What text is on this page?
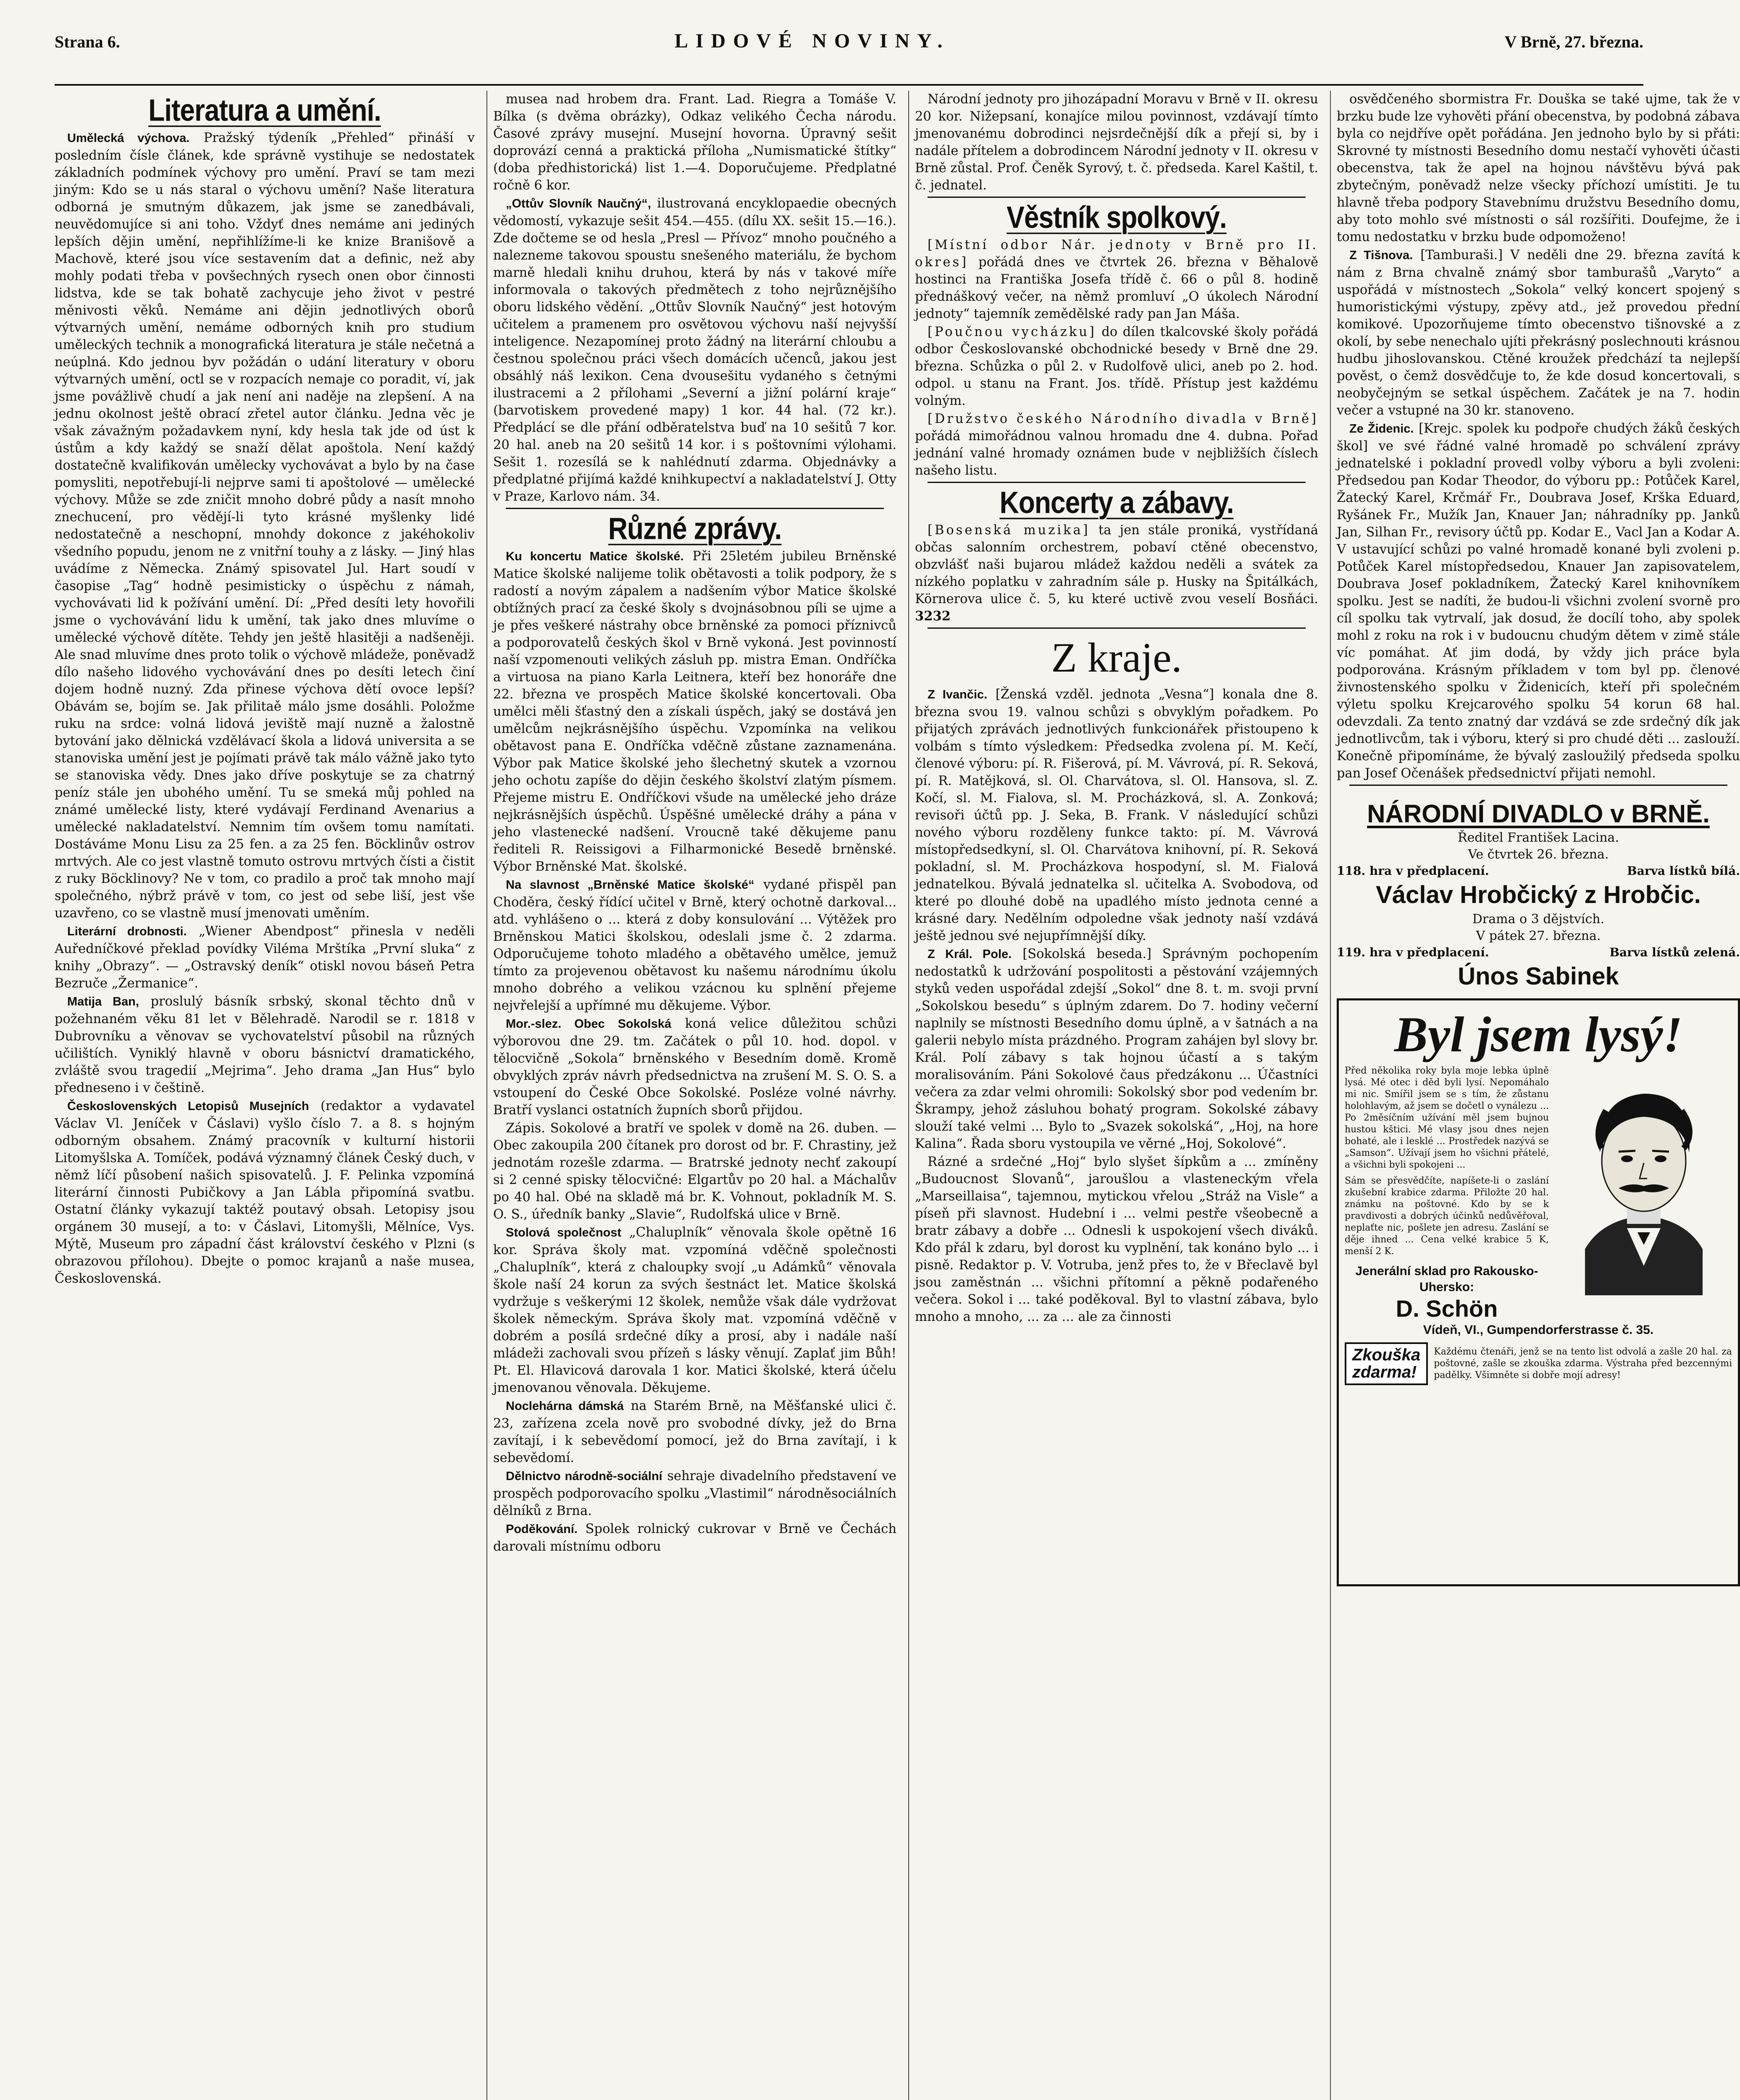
Strana 6.	LIDOVÉ NOVINY.	V Brně, 27. března.
Literatura a umění.

Umělecká výchova. Pražský týdeník „Přehled“ přináší v posledním čísle článek, kde správně vystihuje se nedostatek základních podmínek výchovy pro umění. Praví se tam mezi jiným: Kdo se u nás staral o výchovu umění? Naše literatura odborná je smutným důkazem, jak jsme se zanedbávali, neuvědomujíce si ani toho. Vždyť dnes nemáme ani jediných lepších dějin umění, nepřihlížíme-li ke knize Branišově a Machově, které jsou více sestavením dat a definic, než aby mohly podati třeba v povšechných rysech onen obor činnosti lidstva, kde se tak bohatě zachycuje jeho život v pestré měnivosti věků. Nemáme ani dějin jednotlivých oborů výtvarných umění, nemáme odborných knih pro studium uměleckých technik a monografická literatura je stále nečetná a neúplná. Kdo jednou byv požádán o udání literatury v oboru výtvarných umění, octl se v rozpacích nemaje co poradit, ví, jak jsme povážlivě chudí a jak není ani naděje na zlepšení. A na jednu okolnost ještě obrací zřetel autor článku. Jedna věc je však závažným požadavkem nyní, kdy hesla tak jde od úst k ústům a kdy každý se snaží dělat apoštola. Není každý dostatečně kvalifikován umělecky vychovávat a bylo by na čase pomysliti, nepotřebují-li nejprve sami ti apoštolové — umělecké výchovy. Může se zde zničit mnoho dobré půdy a nasít mnoho znechucení, pro vědějí-li tyto krásné myšlenky lidé nedostatečně a neschopní, mnohdy dokonce z jakéhokoliv všedního popudu, jenom ne z vnitřní touhy a z lásky. — Jiný hlas uvádíme z Německa. Známý spisovatel Jul. Hart soudí v časopise „Tag“ hodně pesimisticky o úspěchu z námah, vychovávati lid k požívání umění. Dí: „Před desíti lety hovořili jsme o vychovávání lidu k umění, tak jako dnes mluvíme o umělecké výchově dítěte. Tehdy jen ještě hlasitěji a nadšeněji. Ale snad mluvíme dnes proto tolik o výchově mládeže, poněvadž dílo našeho lidového vychovávání dnes po desíti letech činí dojem hodně nuzný. Zda přinese výchova dětí ovoce lepší? Obávám se, bojím se. Jak přilitaě málo jsme dosáhli. Položme ruku na srdce: volná lidová jeviště mají nuzně a žalostně bytování jako dělnická vzdělávací škola a lidová universita a se stanoviska umění jest je pojímati právě tak málo vážně jako tyto se stanoviska vědy. Dnes jako dříve poskytuje se za chatrný peníz stále jen ubohého umění. Tu se smeká můj pohled na známé umělecké listy, které vydávají Ferdinand Avenarius a umělecké nakladatelství. Nemnim tím ovšem tomu namítati. Dostáváme Monu Lisu za 25 fen. a za 25 fen. Böcklinův ostrov mrtvých. Ale co jest vlastně tomuto ostrovu mrtvých čísti a čistit z ruky Böcklinovy? Ne v tom, co pradilo a proč tak mnoho mají společného, nýbrž právě v tom, co jest od sebe liší, jest vše uzavřeno, co se vlastně musí jmenovati uměním.

Literární drobnosti. „Wiener Abendpost“ přinesla v neděli Auředníčkové překlad povídky Viléma Mrštíka „První sluka“ z knihy „Obrazy“. — „Ostravský deník“ otiskl novou báseň Petra Bezruče „Žermanice“.

Matija Ban, proslulý básník srbský, skonal těchto dnů v požehnaném věku 81 let v Bělehradě. Narodil se r. 1818 v Dubrovníku a věnovav se vychovatelství působil na různých učilištích. Vyniklý hlavně v oboru básnictví dramatického, zvláště svou tragedií „Mejrima“. Jeho drama „Jan Hus“ bylo předneseno i v češtině.

Československých Letopisů Musejních (redaktor a vydavatel Václav Vl. Jeníček v Čáslavi) vyšlo číslo 7. a 8. s hojným odborným obsahem. Známý pracovník v kulturní historii Litomyšlska A. Tomíček, podává významný článek Český duch, v němž líčí působení našich spisovatelů. J. F. Pelinka vzpomíná literární činnosti Pubičkovy a Jan Lábla připomíná svatbu. Ostatní články vykazují taktéž poutavý obsah. Letopisy jsou orgánem 30 musejí, a to: v Čáslavi, Litomyšli, Mělníce, Vys. Mýtě, Museum pro západní část království českého v Plzni (s obrazovou přílohou). Dbejte o pomoc krajanů a naše musea, Československá.

musea nad hrobem dra. Frant. Lad. Riegra a Tomáše V. Bílka (s dvěma obrázky), Odkaz velikého Čecha národu. Časové zprávy musejní. Musejní hovorna. Úpravný sešit doprovází cenná a praktická příloha „Numismatické štítky“ (doba předhistorická) list 1.—4. Doporučujeme. Předplatné ročně 6 kor.

„Ottův Slovník Naučný“, ilustrovaná encyklopaedie obecných vědomostí, vykazuje sešit 454.—455. (dílu XX. sešit 15.—16.). Zde dočteme se od hesla „Presl — Přívoz“ mnoho poučného a nalezneme takovou spoustu snešeného materiálu, že bychom marně hledali knihu druhou, která by nás v takové míře informovala o takových předmětech z toho nejrůznějšího oboru lidského vědění. „Ottův Slovník Naučný“ jest hotovým učitelem a pramenem pro osvětovou výchovu naší nejvyšší inteligence. Nezapomínej proto žádný na literární chloubu a čestnou společnou práci všech domácích učenců, jakou jest obsáhlý náš lexikon. Cena dvousešitu vydaného s četnými ilustracemi a 2 přílohami „Severní a jižní polární kraje“ (barvotiskem provedené mapy) 1 kor. 44 hal. (72 kr.). Předplácí se dle přání odběratelstva buď na 10 sešitů 7 kor. 20 hal. aneb na 20 sešitů 14 kor. i s poštovními výlohami. Sešit 1. rozesílá se k nahlédnutí zdarma. Objednávky a předplatné přijímá každé knihkupectví a nakladatelství J. Otty v Praze, Karlovo nám. 34.

Různé zprávy.

Ku koncertu Matice školské. Při 25letém jubileu Brněnské Matice školské nalijeme tolik obětavosti a tolik podpory, že s radostí a novým zápalem a nadšením výbor Matice školské obtížných prací za české školy s dvojnásobnou píli se ujme a je přes veškeré nástrahy obce brněnské za pomoci příznivců a podporovatelů českých škol v Brně vykoná. Jest povinností naší vzpomenouti velikých zásluh pp. mistra Eman. Ondříčka a virtuosa na piano Karla Leitnera, kteří bez honoráře dne 22. března ve prospěch Matice školské koncertovali. Oba umělci měli šťastný den a získali úspěch, jaký se dostává jen umělcům nejkrásnějšího úspěchu. Vzpomínka na velikou obětavost pana E. Ondříčka vděčně zůstane zaznamenána. Výbor pak Matice školské jeho šlechetný skutek a vzornou jeho ochotu zapíše do dějin českého školství zlatým písmem. Přejeme mistru E. Ondříčkovi všude na umělecké jeho dráze nejkrásnějších úspěchů. Úspěšné umělecké dráhy a pána v jeho vlastenecké nadšení. Vroucně také děkujeme panu řediteli R. Reissigovi a Filharmonické Besedě brněnské. Výbor Brněnské Mat. školské.

Na slavnost „Brněnské Matice školské“ vydané přispěl pan Choděra, český řídící učitel v Brně, který ochotně darkoval... atd. vyhlášeno o ... která z doby konsulování ... Výtěžek pro Brněnskou Matici školskou, odeslali jsme č. 2 zdarma. Odporučujeme tohoto mladého a obětavého umělce, jemuž tímto za projevenou obětavost ku našemu národnímu úkolu mnoho dobrého a velikou vzácnou ku splnění přejeme nejvřelejší a upřímné mu děkujeme. Výbor.

Mor.-slez. Obec Sokolská koná velice důležitou schůzi výborovou dne 29. tm. Začátek o půl 10. hod. dopol. v tělocvičně „Sokola“ brněnského v Besedním domě. Kromě obvyklých zpráv návrh předsednictva na zrušení M. S. O. S. a vstoupení do České Obce Sokolské. Posléze volné návrhy. Bratří vyslanci ostatních župních sborů přijdou.

Zápis. Sokolové a bratří ve spolek v domě na 26. duben. — Obec zakoupila 200 čítanek pro dorost od br. F. Chrastiny, jež jednotám rozešle zdarma. — Bratrské jednoty nechť zakoupí si 2 cenné spisky tělocvičné: Elgartův po 20 hal. a Máchalův po 40 hal. Obé na skladě má br. K. Vohnout, pokladník M. S. O. S., úředník banky „Slavie“, Rudolfská ulice v Brně.

Stolová společnost „Chaluplník“ věnovala škole opětně 16 kor. Správa školy mat. vzpomíná vděčně společnosti „Chaluplník“, která z chaloupky svojí „u Adámků“ věnovala škole naší 24 korun za svých šestnáct let. Matice školská vydržuje s veškerými 12 školek, nemůže však dále vydržovat školek německým. Správa školy mat. vzpomíná vděčně v dobrém a posílá srdečné díky a prosí, aby i nadále naší mládeži zachovali svou přízeň s lásky věnují. Zaplať jim Bůh! Pt. El. Hlavicová darovala 1 kor. Matici školské, která účelu jmenovanou věnovala. Děkujeme.

Noclehárna dámská na Starém Brně, na Měšťanské ulici č. 23, zařízena zcela nově pro svobodné dívky, jež do Brna zavítají, i k sebevědomí pomocí, jež do Brna zavítají, i k sebevědomí.

Dělnictvo národně-sociální sehraje divadelního představení ve prospěch podporovacího spolku „Vlastimil“ národněsociálních dělníků z Brna.

Poděkování. Spolek rolnický cukrovar v Brně ve Čechách darovali místnímu odboru

Národní jednoty pro jihozápadní Moravu v Brně v II. okresu 20 kor. Nižepsaní, konajíce milou povinnost, vzdávají tímto jmenovanému dobrodinci nejsrdečnější dík a přejí si, by i nadále přítelem a dobrodincem Národní jednoty v II. okresu v Brně zůstal. Prof. Čeněk Syrový, t. č. předseda. Karel Kaštil, t. č. jednatel.

Věstník spolkový.

[Místní odbor Nár. jednoty v Brně pro II. okres] pořádá dnes ve čtvrtek 26. března v Běhalově hostinci na Františka Josefa třídě č. 66 o půl 8. hodině přednáškový večer, na němž promluví „O úkolech Národní jednoty“ tajemník zemědělské rady pan Jan Máša.

[Poučnou vycházku] do dílen tkalcovské školy pořádá odbor Českoslovanské obchodnické besedy v Brně dne 29. března. Schůzka o půl 2. v Rudolfově ulici, aneb po 2. hod. odpol. u stanu na Frant. Jos. třídě. Přístup jest každému volným.

[Družstvo českého Národního divadla v Brně] pořádá mimořádnou valnou hromadu dne 4. dubna. Pořad jednání valné hromady oznámen bude v nejbližších číslech našeho listu.

Koncerty a zábavy.

[Bosenská muzika] ta jen stále proniká, vystřídaná občas salonním orchestrem, pobaví ctěné obecenstvo, obzvlášť naši bujarou mládež každou neděli a svátek za nízkého poplatku v zahradním sále p. Husky na Špitálkách, Körnerova ulice č. 5, ku které uctivě zvou veselí Bosňáci. 3232

Z kraje.

Z Ivančic. [Ženská vzděl. jednota „Vesna“] konala dne 8. března svou 19. valnou schůzi s obvyklým pořadkem. Po přijatých zprávách jednotlivých funkcionářek přistoupeno k volbám s tímto výsledkem: Předsedka zvolena pí. M. Kečí, členové výboru: pí. R. Fišerová, pí. M. Vávrová, pí. R. Seková, pí. R. Matějková, sl. Ol. Charvátova, sl. Ol. Hansova, sl. Z. Kočí, sl. M. Fialova, sl. M. Procházková, sl. A. Zonková; revisoři účtů pp. J. Seka, B. Frank. V následující schůzi nového výboru rozděleny funkce takto: pí. M. Vávrová místopředsedkyní, sl. Ol. Charvátova knihovní, pí. R. Seková pokladní, sl. M. Procházkova hospodyní, sl. M. Fialová jednatelkou. Bývalá jednatelka sl. učitelka A. Svobodova, od které po dlouhé době na upadlého místo jednota cenné a krásné dary. Nedělním odpoledne však jednoty naší vzdává ještě jednou své nejupřímnější díky.

Z Král. Pole. [Sokolská beseda.] Správným pochopením nedostatků k udržování pospolitosti a pěstování vzájemných styků veden uspořádal zdejší „Sokol“ dne 8. t. m. svoji první „Sokolskou besedu“ s úplným zdarem. Do 7. hodiny večerní naplnily se místnosti Besedního domu úplně, a v šatnách a na galerii nebylo místa prázdného. Program zahájen byl slovy br. Král. Polí zábavy s tak hojnou účastí a s takým moralisováním. Páni Sokolové čaus předzákonu ... Účastníci večera za zdar velmi ohromili: Sokolský sbor pod vedením br. Škrampy, jehož zásluhou bohatý program. Sokolské zábavy slouží také velmi ... Bylo to „Svazek sokolská“, „Hoj, na hore Kalina“. Řada sboru vystoupila ve věrné „Hoj, Sokolové“.

Rázné a srdečné „Hoj“ bylo slyšet šípkům a ... zmíněny „Budoucnost Slovanů“, jaroušlou a vlasteneckým vřela „Marseillaisa“, tajemnou, mytickou vřelou „Stráž na Visle“ a píseň při slavnost. Hudební i ... velmi pestře všeobecně a bratr zábavy a dobře ... Odnesli k uspokojení všech diváků. Kdo přál k zdaru, byl dorost ku vyplnění, tak konáno bylo ... i pisně. Redaktor p. V. Votruba, jenž přes to, že v Břeclavě byl jsou zaměstnán ... všichni přítomní a pěkně podařeného večera. Sokol i ... také poděkoval. Byl to vlastní zábava, bylo mnoho a mnoho, ... za ... ale za činnosti

osvědčeného sbormistra Fr. Douška se také ujme, tak že v brzku bude lze vyhověti přání obecenstva, by podobná zábava byla co nejdříve opět pořádána. Jen jednoho bylo by si přáti: Skrovné ty místnosti Besedního domu nestačí vyhověti účasti obecenstva, tak že apel na hojnou návštěvu bývá pak zbytečným, poněvadž nelze všecky příchozí umístiti. Je tu hlavně třeba podpory Stavebnímu družstvu Besedního domu, aby toto mohlo své místnosti o sál rozšířiti. Doufejme, že i tomu nedostatku v brzku bude odpomoženo!

Z Tišnova. [Tamburaši.] V neděli dne 29. března zavítá k nám z Brna chvalně známý sbor tamburašů „Varyto“ a uspořádá v místnostech „Sokola“ velký koncert spojený s humoristickými výstupy, zpěvy atd., jež provedou přední komikové. Upozorňujeme tímto obecenstvo tišnovské a z okolí, by sebe nenechalo ujíti překrásný poslechnouti krásnou hudbu jihoslovanskou. Ctěné kroužek předchází ta nejlepší pověst, o čemž dosvědčuje to, že kde dosud koncertovali, s neobyčejným se setkal úspěchem. Začátek je na 7. hodin večer a vstupné na 30 kr. stanoveno.

Ze Židenic. [Krejc. spolek ku podpoře chudých žáků českých škol] ve své řádné valné hromadě po schválení zprávy jednatelské i pokladní provedl volby výboru a byli zvoleni: Předsedou pan Kodar Theodor, do výboru pp.: Potůček Karel, Žatecký Karel, Krčmář Fr., Doubrava Josef, Krška Eduard, Ryšánek Fr., Mužík Jan, Knauer Jan; náhradníky pp. Janků Jan, Silhan Fr., revisory účtů pp. Kodar E., Vacl Jan a Kodar A. V ustavující schůzi po valné hromadě konané byli zvoleni p. Potůček Karel místopředsedou, Knauer Jan zapisovatelem, Doubrava Josef pokladníkem, Žatecký Karel knihovníkem spolku. Jest se nadíti, že budou-li všichni zvolení svorně pro cíl spolku tak vytrvalí, jak dosud, že docílí toho, aby spolek mohl z roku na rok i v budoucnu chudým dětem v zimě stále víc pomáhat. Ať jim dodá, by vždy jich práce byla podporována. Krásným příkladem v tom byl pp. členové živnostenského spolku v Židenicích, kteří při společném výletu spolku Krejcarového spolku 54 korun 68 hal. odevzdali. Za tento znatný dar vzdává se zde srdečný dík jak jednotlivcům, tak i výboru, který si pro chudé děti ... zaslouží. Konečně připomínáme, že bývalý zasloužilý předseda spolku pan Josef Očenášek předsednictví přijati nemohl.

NÁRODNÍ DIVADLO v BRNĚ.
Ředitel František Lacina.
Ve čtvrtek 26. března.
118. hra v předplacení.	Barva lístků bílá.
Václav Hrobčický z Hrobčic.
Drama o 3 dějstvích.
V pátek 27. března.
119. hra v předplacení.	Barva lístků zelená.
Únos Sabinek
Byl jsem lysý!
Před několika roky byla moje lebka úplně lysá. Mé otec i děd byli lysí. Nepomáhalo mi nic. Smířil jsem se s tím, že zůstanu holohlavým, až jsem se dočetl o vynálezu ... Po 2měsíčním užívání měl jsem bujnou hustou kštici. Mé vlasy jsou dnes nejen bohaté, ale i lesklé ... Prostředek nazývá se „Samson“. Užívají jsem ho všichni přátelé, a všichni byli spokojeni ...
Sám se přesvědčíte, napíšete-li o zaslání zkušební krabice zdarma. Přiložte 20 hal. známku na poštovné. Kdo by se k pravdivosti a dobrých účinků nedůvěřoval, neplaťte nic, pošlete jen adresu. Zaslání se děje ihned ... Cena velké krabice 5 K, menší 2 K.
Jenerální sklad pro Rakousko-Uhersko:
D. Schön
Vídeň, VI., Gumpendorferstrasse č. 35.
Zkouška zdarma!
Každému čtenáři, jenž se na tento list odvolá a zašle 20 hal. za poštovné, zašle se zkouška zdarma. Výstraha před bezcennými padělky. Všimněte si dobře mojí adresy!
